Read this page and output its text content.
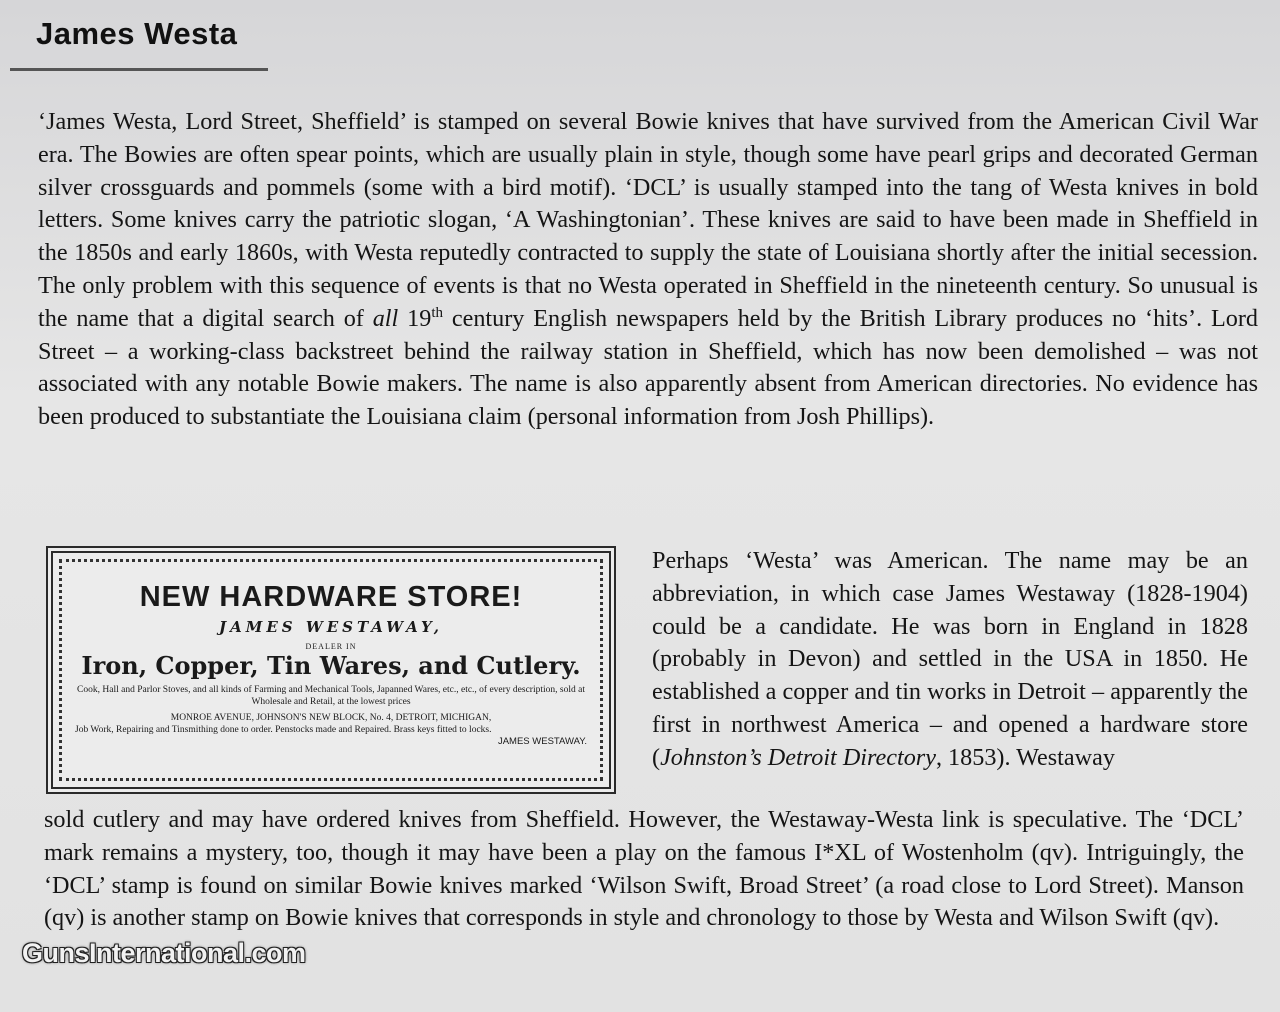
James Westa

‘James Westa, Lord Street, Sheffield’ is stamped on several Bowie knives that have survived from the American Civil War era. The Bowies are often spear points, which are usually plain in style, though some have pearl grips and decorated German silver crossguards and pommels (some with a bird motif). ‘DCL’ is usually stamped into the tang of Westa knives in bold letters. Some knives carry the patriotic slogan, ‘A Washingtonian’. These knives are said to have been made in Sheffield in the 1850s and early 1860s, with Westa reputedly contracted to supply the state of Louisiana shortly after the initial secession. The only problem with this sequence of events is that no Westa operated in Sheffield in the nineteenth century. So unusual is the name that a digital search of all 19th century English newspapers held by the British Library produces no ‘hits’. Lord Street – a working-class backstreet behind the railway station in Sheffield, which has now been demolished – was not associated with any notable Bowie makers. The name is also apparently absent from American directories. No evidence has been produced to substantiate the Louisiana claim (personal information from Josh Phillips).

NEW HARDWARE STORE!
JAMES WESTAWAY,
DEALER IN
Iron, Copper, Tin Wares, and Cutlery.
Cook, Hall and Parlor Stoves, and all kinds of Farming and Mechanical Tools, Japanned Wares, etc., etc., of every description, sold at Wholesale and Retail, at the lowest prices
MONROE AVENUE, JOHNSON'S NEW BLOCK, No. 4, DETROIT, MICHIGAN,
Job Work, Repairing and Tinsmithing done to order. Penstocks made and Repaired. Brass keys fitted to locks.
JAMES WESTAWAY.

Perhaps ‘Westa’ was American. The name may be an abbreviation, in which case James Westaway (1828-1904) could be a candidate. He was born in England in 1828 (probably in Devon) and settled in the USA in 1850. He established a copper and tin works in Detroit – apparently the first in northwest America – and opened a hardware store (Johnston’s Detroit Directory, 1853). Westaway

sold cutlery and may have ordered knives from Sheffield. However, the Westaway-Westa link is speculative. The ‘DCL’ mark remains a mystery, too, though it may have been a play on the famous I*XL of Wostenholm (qv). Intriguingly, the ‘DCL’ stamp is found on similar Bowie knives marked ‘Wilson Swift, Broad Street’ (a road close to Lord Street). Manson (qv) is another stamp on Bowie knives that corresponds in style and chronology to those by Westa and Wilson Swift (qv).

GunsInternational.com
